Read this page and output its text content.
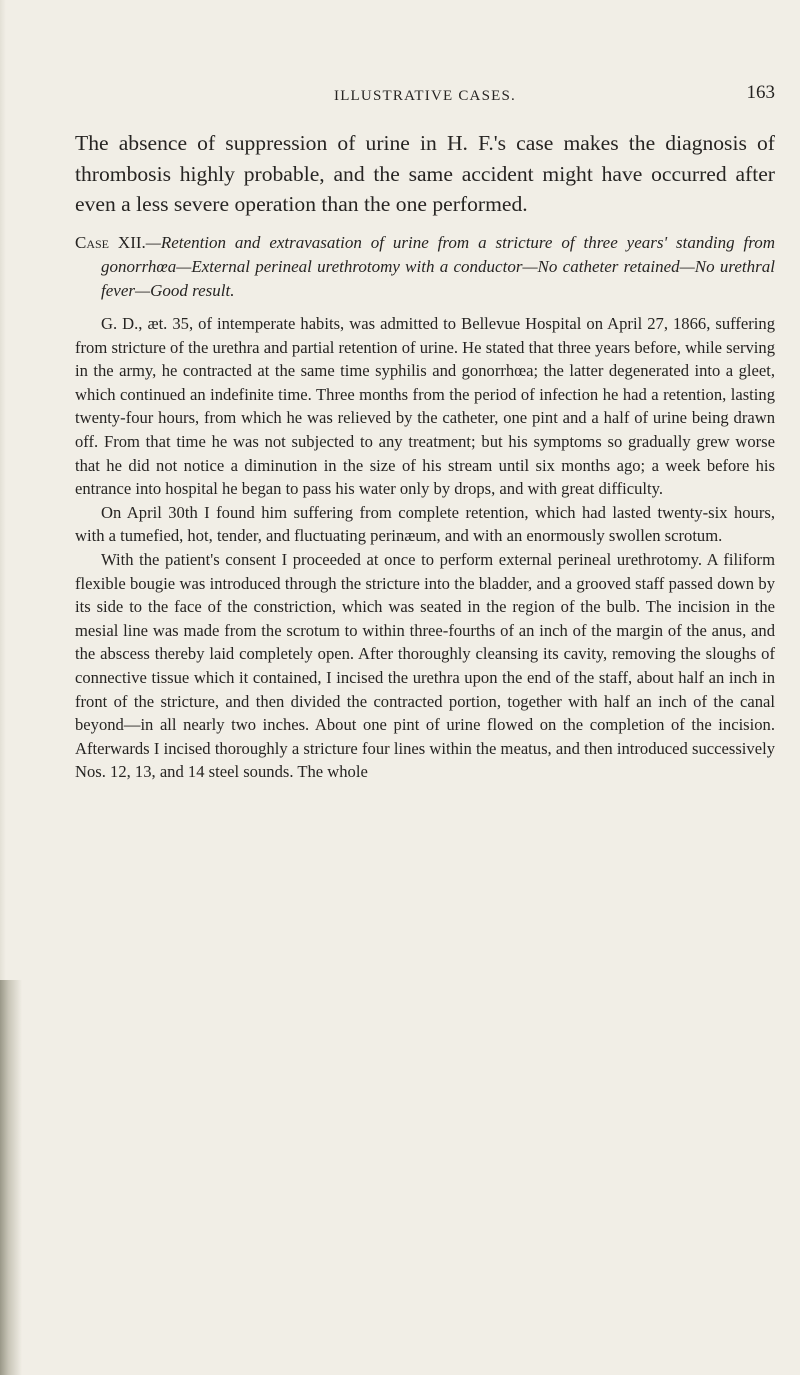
ILLUSTRATIVE CASES.	163

The absence of suppression of urine in H. F.'s case makes the diagnosis of thrombosis highly probable, and the same accident might have occurred after even a less severe operation than the one performed.

Case XII.—Retention and extravasation of urine from a stricture of three years' standing from gonorrhœa—External perineal urethrotomy with a conductor—No catheter retained—No urethral fever—Good result.

G. D., æt. 35, of intemperate habits, was admitted to Bellevue Hospital on April 27, 1866, suffering from stricture of the urethra and partial retention of urine. He stated that three years before, while serving in the army, he contracted at the same time syphilis and gonorrhœa; the latter degenerated into a gleet, which continued an indefinite time. Three months from the period of infection he had a retention, lasting twenty-four hours, from which he was relieved by the catheter, one pint and a half of urine being drawn off. From that time he was not subjected to any treatment; but his symptoms so gradually grew worse that he did not notice a diminution in the size of his stream until six months ago; a week before his entrance into hospital he began to pass his water only by drops, and with great difficulty.

On April 30th I found him suffering from complete retention, which had lasted twenty-six hours, with a tumefied, hot, tender, and fluctuating perinæum, and with an enormously swollen scrotum.

With the patient's consent I proceeded at once to perform external perineal urethrotomy. A filiform flexible bougie was introduced through the stricture into the bladder, and a grooved staff passed down by its side to the face of the constriction, which was seated in the region of the bulb. The incision in the mesial line was made from the scrotum to within three-fourths of an inch of the margin of the anus, and the abscess thereby laid completely open. After thoroughly cleansing its cavity, removing the sloughs of connective tissue which it contained, I incised the urethra upon the end of the staff, about half an inch in front of the stricture, and then divided the contracted portion, together with half an inch of the canal beyond—in all nearly two inches. About one pint of urine flowed on the completion of the incision. Afterwards I incised thoroughly a stricture four lines within the meatus, and then introduced successively Nos. 12, 13, and 14 steel sounds. The whole
